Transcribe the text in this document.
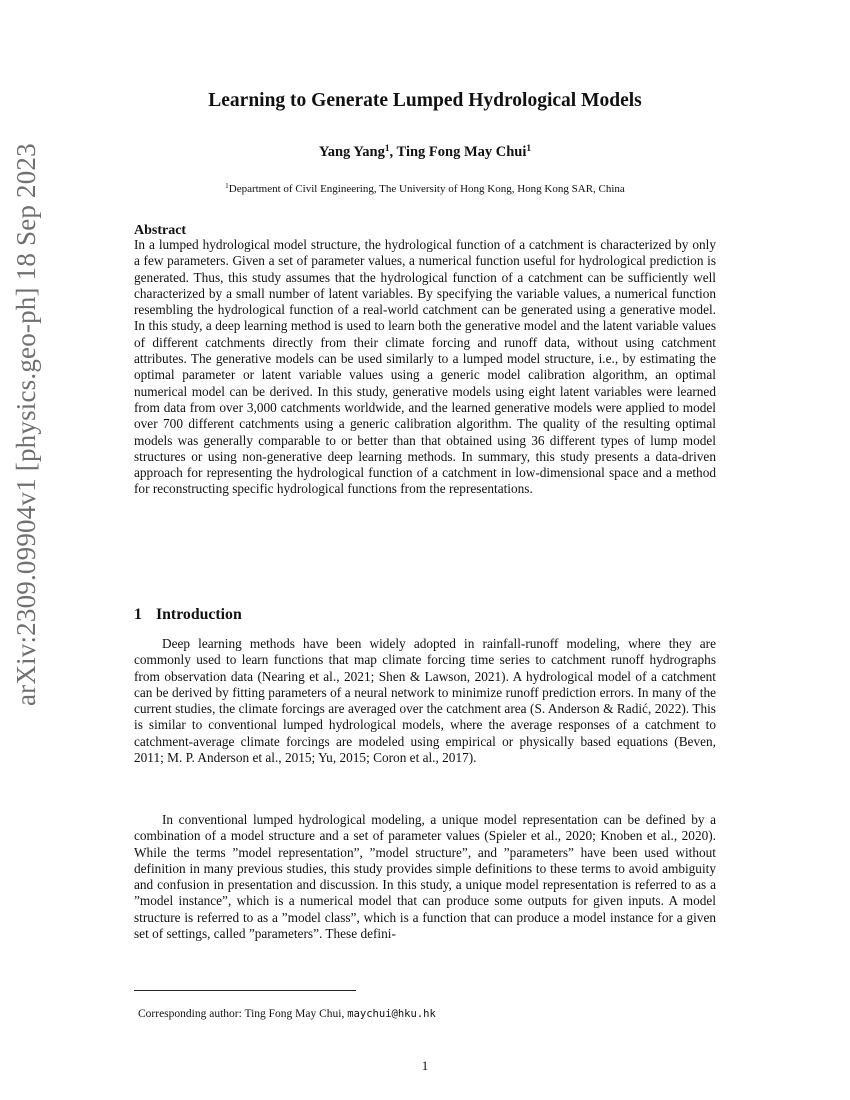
arXiv:2309.09904v1 [physics.geo-ph] 18 Sep 2023
Learning to Generate Lumped Hydrological Models
Yang Yang$^1$, Ting Fong May Chui$^1$
$^1$Department of Civil Engineering, The University of Hong Kong, Hong Kong SAR, China
Abstract

In a lumped hydrological model structure, the hydrological function of a catchment is characterized by only a few parameters. Given a set of parameter values, a numerical function useful for hydrological prediction is generated. Thus, this study assumes that the hydrological function of a catchment can be sufficiently well characterized by a small number of latent variables. By specifying the variable values, a numerical function resembling the hydrological function of a real-world catchment can be generated using a generative model. In this study, a deep learning method is used to learn both the generative model and the latent variable values of different catchments directly from their climate forcing and runoff data, without using catchment attributes. The generative models can be used similarly to a lumped model structure, i.e., by estimating the optimal parameter or latent variable values using a generic model calibration algorithm, an optimal numerical model can be derived. In this study, generative models using eight latent variables were learned from data from over 3,000 catchments worldwide, and the learned generative models were applied to model over 700 different catchments using a generic calibration algorithm. The quality of the resulting optimal models was generally comparable to or better than that obtained using 36 different types of lump model structures or using non-generative deep learning methods. In summary, this study presents a data-driven approach for representing the hydrological function of a catchment in low-dimensional space and a method for reconstructing specific hydrological functions from the representations.

1 Introduction

Deep learning methods have been widely adopted in rainfall-runoff modeling, where they are commonly used to learn functions that map climate forcing time series to catchment runoff hydrographs from observation data (Nearing et al., 2021; Shen & Lawson, 2021). A hydrological model of a catchment can be derived by fitting parameters of a neural network to minimize runoff prediction errors. In many of the current studies, the climate forcings are averaged over the catchment area (S. Anderson & Radić, 2022). This is similar to conventional lumped hydrological models, where the average responses of a catchment to catchment-average climate forcings are modeled using empirical or physically based equations (Beven, 2011; M. P. Anderson et al., 2015; Yu, 2015; Coron et al., 2017).

In conventional lumped hydrological modeling, a unique model representation can be defined by a combination of a model structure and a set of parameter values (Spieler et al., 2020; Knoben et al., 2020). While the terms ”model representation”, ”model structure”, and ”parameters” have been used without definition in many previous studies, this study provides simple definitions to these terms to avoid ambiguity and confusion in presentation and discussion. In this study, a unique model representation is referred to as a ”model instance”, which is a numerical model that can produce some outputs for given inputs. A model structure is referred to as a ”model class”, which is a function that can produce a model instance for a given set of settings, called ”parameters”. These defini-

Corresponding author: Ting Fong May Chui, maychui@hku.hk
1
